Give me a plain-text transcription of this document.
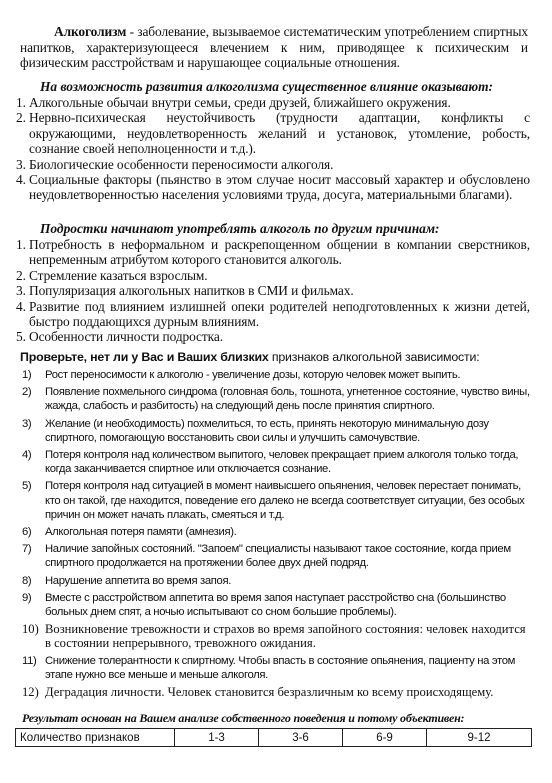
Алкоголизм - заболевание, вызываемое систематическим употреблением спиртных напитков, характеризующееся влечением к ним, приводящее к психическим и физическим расстройствам и нарушающее социальные отношения.

На возможность развития алкоголизма существенное влияние оказывают:
1. Алкогольные обычаи внутри семьи, среди друзей, ближайшего окружения.
2. Нервно-психическая неустойчивость (трудности адаптации, конфликты с окружающими, неудовлетворенность желаний и установок, утомление, робость, сознание своей неполноценности и т.д.).
3. Биологические особенности переносимости алкоголя.
4. Социальные факторы (пьянство в этом случае носит массовый характер и обусловлено неудовлетворенностью населения условиями труда, досуга, материальными благами).
Подростки начинают употреблять алкоголь по другим причинам:
1. Потребность в неформальном и раскрепощенном общении в компании сверстников, непременным атрибутом которого становится алкоголь.
2. Стремление казаться взрослым.
3. Популяризация алкогольных напитков в СМИ и фильмах.
4. Развитие под влиянием излишней опеки родителей неподготовленных к жизни детей, быстро поддающихся дурным влияниям.
5. Особенности личности подростка.
Проверьте, нет ли у Вас и Ваших близких признаков алкогольной зависимости:
1) Рост переносимости к алкоголю - увеличение дозы, которую человек может выпить.
2) Появление похмельного синдрома (головная боль, тошнота, угнетенное состояние, чувство вины, жажда, слабость и разбитость) на следующий день после принятия спиртного.
3) Желание (и необходимость) похмелиться, то есть, принять некоторую минимальную дозу спиртного, помогающую восстановить свои силы и улучшить самочувствие.
4) Потеря контроля над количеством выпитого, человек прекращает прием алкоголя только тогда, когда заканчивается спиртное или отключается сознание.
5) Потеря контроля над ситуацией в момент наивысшего опьянения, человек перестает понимать, кто он такой, где находится, поведение его далеко не всегда соответствует ситуации, без особых причин он может начать плакать, смеяться и т.д.
6) Алкогольная потеря памяти (амнезия).
7) Наличие запойных состояний. "Запоем" специалисты называют такое состояние, когда прием спиртного продолжается на протяжении более двух дней подряд.
8) Нарушение аппетита во время запоя.
9) Вместе с расстройством аппетита во время запоя наступает расстройство сна (большинство больных днем спят, а ночью испытывают со сном большие проблемы).
10) Возникновение тревожности и страхов во время запойного состояния: человек находится в состоянии непрерывного, тревожного ожидания.
11) Снижение толерантности к спиртному. Чтобы впасть в состояние опьянения, пациенту на этом этапе нужно все меньше и меньше алкоголя.
12) Деградация личности. Человек становится безразличным ко всему происходящему.
Результат основан на Вашем анализе собственного поведения и потому объективен:
Количество признаков	1-3	3-6	6-9	9-12
